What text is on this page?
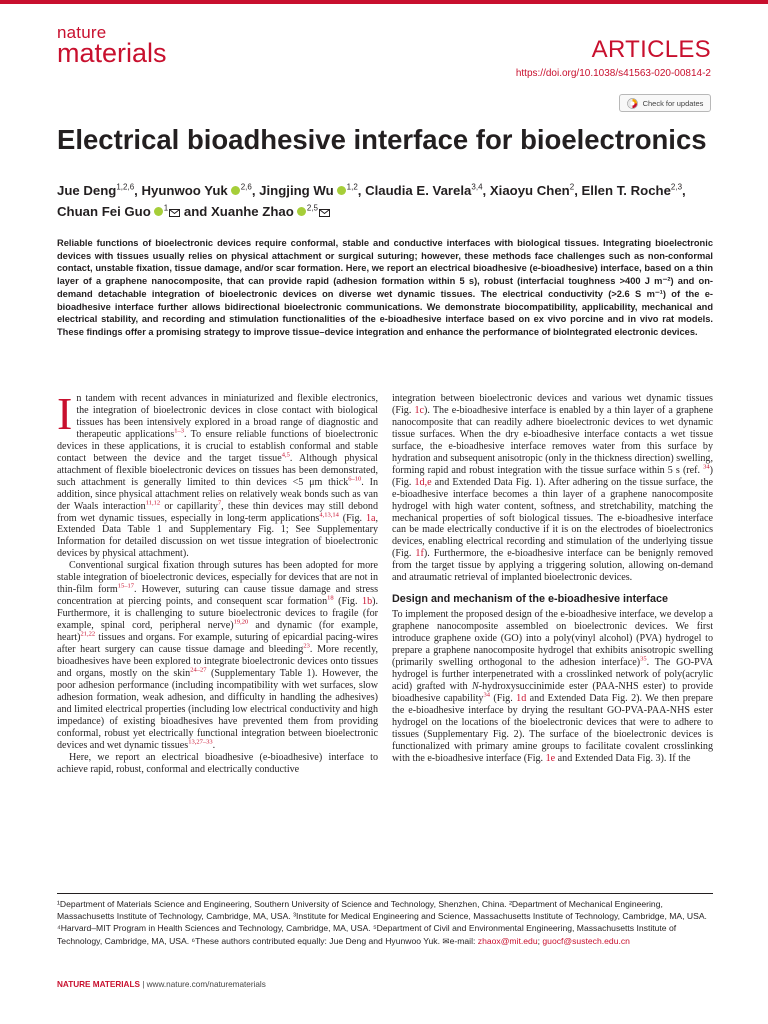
nature
materials	ARTICLES
https://doi.org/10.1038/s41563-020-00814-2
Check for updates
Electrical bioadhesive interface for bioelectronics
Jue Deng$^{1,2,6}$, Hyunwoo Yuk $^{2,6}$, Jingjing Wu $^{1,2}$, Claudia E. Varela$^{3,4}$, Xiaoyu Chen$^2$, Ellen T. Roche$^{2,3}$,
Chuan Fei Guo $^1$ and Xuanhe Zhao $^{2,5}$
Reliable functions of bioelectronic devices require conformal, stable and conductive interfaces with biological tissues. Integrating bioelectronic devices with tissues usually relies on physical attachment or surgical suturing; however, these methods face challenges such as non-conformal contact, unstable fixation, tissue damage, and/or scar formation. Here, we report an electrical bioadhesive (e-bioadhesive) interface, based on a thin layer of a graphene nanocomposite, that can provide rapid (adhesion formation within 5 s), robust (interfacial toughness >400 J m⁻²) and on-demand detachable integration of bioelectronic devices on diverse wet dynamic tissues. The electrical conductivity (>2.6 S m⁻¹) of the e-bioadhesive interface further allows bidirectional bioelectronic communications. We demonstrate biocompatibility, applicability, mechanical and electrical stability, and recording and stimulation functionalities of the e-bioadhesive interface based on ex vivo porcine and in vivo rat models. These findings offer a promising strategy to improve tissue–device integration and enhance the performance of bioIntegrated electronic devices.

In tandem with recent advances in miniaturized and flexible electronics, the integration of bioelectronic devices in close contact with biological tissues has been intensively explored in a broad range of diagnostic and therapeutic applications$^{1-3}$. To ensure reliable functions of bioelectronic devices in these applications, it is crucial to establish conformal and stable contact between the device and the target tissue$^{4,5}$. Although physical attachment of flexible bioelectronic devices on tissues has been demonstrated, such attachment is generally limited to thin devices <5 μm thick$^{6-10}$. In addition, since physical attachment relies on relatively weak bonds such as van der Waals interaction$^{11,12}$ or capillarity$^7$, these thin devices may still debond from wet dynamic tissues, especially in long-term applications$^{4,13,14}$ (Fig. 1a, Extended Data Table 1 and Supplementary Fig. 1; See Supplementary Information for detailed discussion on wet tissue integration of bioelectronic devices by physical attachment).

Conventional surgical fixation through sutures has been adopted for more stable integration of bioelectronic devices, especially for devices that are not in thin-film form$^{15-17}$. However, suturing can cause tissue damage and stress concentration at piercing points, and consequent scar formation$^{18}$ (Fig. 1b). Furthermore, it is challenging to suture bioelectronic devices to fragile (for example, spinal cord, peripheral nerve)$^{19,20}$ and dynamic (for example, heart)$^{21,22}$ tissues and organs. For example, suturing of epicardial pacing-wires after heart surgery can cause tissue damage and bleeding$^{23}$. More recently, bioadhesives have been explored to integrate bioelectronic devices onto tissues and organs, mostly on the skin$^{24-27}$ (Supplementary Table 1). However, the poor adhesion performance (including incompatibility with wet surfaces, slow adhesion formation, weak adhesion, and difficulty in handling the adhesives) and limited electrical properties (including low electrical conductivity and high impedance) of existing bioadhesives have prevented them from providing conformal, robust yet electrically functional integration between bioelectronic devices and wet dynamic tissues$^{13,27-33}$.

Here, we report an electrical bioadhesive (e-bioadhesive) interface to achieve rapid, robust, conformal and electrically conductive

integration between bioelectronic devices and various wet dynamic tissues (Fig. 1c). The e-bioadhesive interface is enabled by a thin layer of a graphene nanocomposite that can readily adhere bioelectronic devices to wet dynamic tissue surfaces. When the dry e-bioadhesive interface contacts a wet tissue surface, the e-bioadhesive interface removes water from this surface by hydration and subsequent anisotropic (only in the thickness direction) swelling, forming rapid and robust integration with the tissue surface within 5 s (ref. $^{34}$) (Fig. 1d,e and Extended Data Fig. 1). After adhering on the tissue surface, the e-bioadhesive interface becomes a thin layer of a graphene nanocomposite hydrogel with high water content, softness, and stretchability, matching the mechanical properties of soft biological tissues. The e-bioadhesive interface can be made electrically conductive if it is on the electrodes of bioelectronics devices, enabling electrical recording and stimulation of the underlying tissue (Fig. 1f). Furthermore, the e-bioadhesive interface can be benignly removed from the target tissue by applying a triggering solution, allowing on-demand and atraumatic retrieval of implanted bioelectronic devices.

Design and mechanism of the e-bioadhesive interface

To implement the proposed design of the e-bioadhesive interface, we develop a graphene nanocomposite assembled on bioelectronic devices. We first introduce graphene oxide (GO) into a poly(vinyl alcohol) (PVA) hydrogel to prepare a graphene nanocomposite hydrogel that exhibits anisotropic swelling (primarily swelling orthogonal to the adhesion interface)$^{35}$. The GO-PVA hydrogel is further interpenetrated with a crosslinked network of poly(acrylic acid) grafted with N-hydroxysuccinimide ester (PAA-NHS ester) to provide bioadhesive capability$^{34}$ (Fig. 1d and Extended Data Fig. 2). We then prepare the e-bioadhesive interface by drying the resultant GO-PVA-PAA-NHS ester hydrogel on the locations of the bioelectronic devices that were to adhere to tissues (Supplementary Fig. 2). The surface of the bioelectronic devices is functionalized with primary amine groups to facilitate covalent crosslinking with the e-bioadhesive interface (Fig. 1e and Extended Data Fig. 3). If the

¹Department of Materials Science and Engineering, Southern University of Science and Technology, Shenzhen, China. ²Department of Mechanical Engineering, Massachusetts Institute of Technology, Cambridge, MA, USA. ³Institute for Medical Engineering and Science, Massachusetts Institute of Technology, Cambridge, MA, USA. ⁴Harvard–MIT Program in Health Sciences and Technology, Cambridge, MA, USA. ⁵Department of Civil and Environmental Engineering, Massachusetts Institute of Technology, Cambridge, MA, USA. ⁶These authors contributed equally: Jue Deng and Hyunwoo Yuk. ✉e-mail: zhaox@mit.edu; guocf@sustech.edu.cn
NATURE MATERIALS | www.nature.com/naturematerials
